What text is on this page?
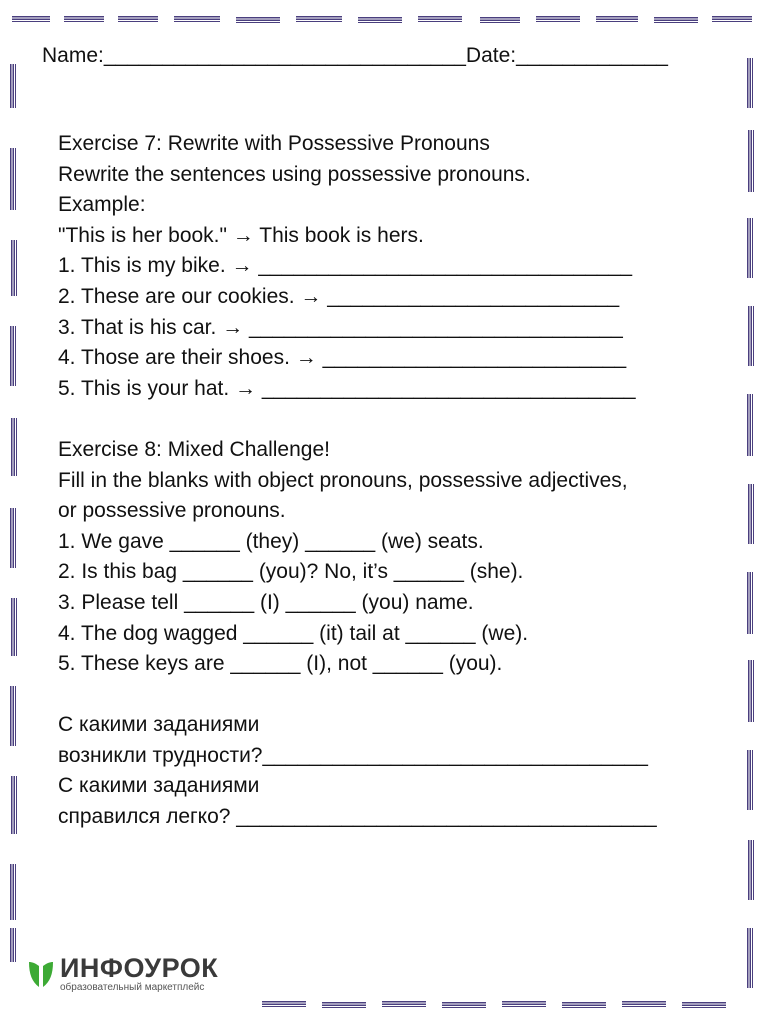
Name:_______________________________Date:_____________

Exercise 7: Rewrite with Possessive Pronouns

Rewrite the sentences using possessive pronouns.

Example:

"This is her book." → This book is hers.

1. This is my bike. → ________________________________

2. These are our cookies. → _________________________

3. That is his car. → ________________________________

4. Those are their shoes. → __________________________

5. This is your hat. → ________________________________

Exercise 8: Mixed Challenge!

Fill in the blanks with object pronouns, possessive adjectives,

or possessive pronouns.

1. We gave ______ (they) ______ (we) seats.

2. Is this bag ______ (you)? No, it’s ______ (she).

3. Please tell ______ (I) ______ (you) name.

4. The dog wagged ______ (it) tail at ______ (we).

5. These keys are ______ (I), not ______ (you).

С какими заданиями

возникли трудности?_________________________________

С какими заданиями

справился легко? ____________________________________

ИНФОУРОК
образовательный маркетплейс
